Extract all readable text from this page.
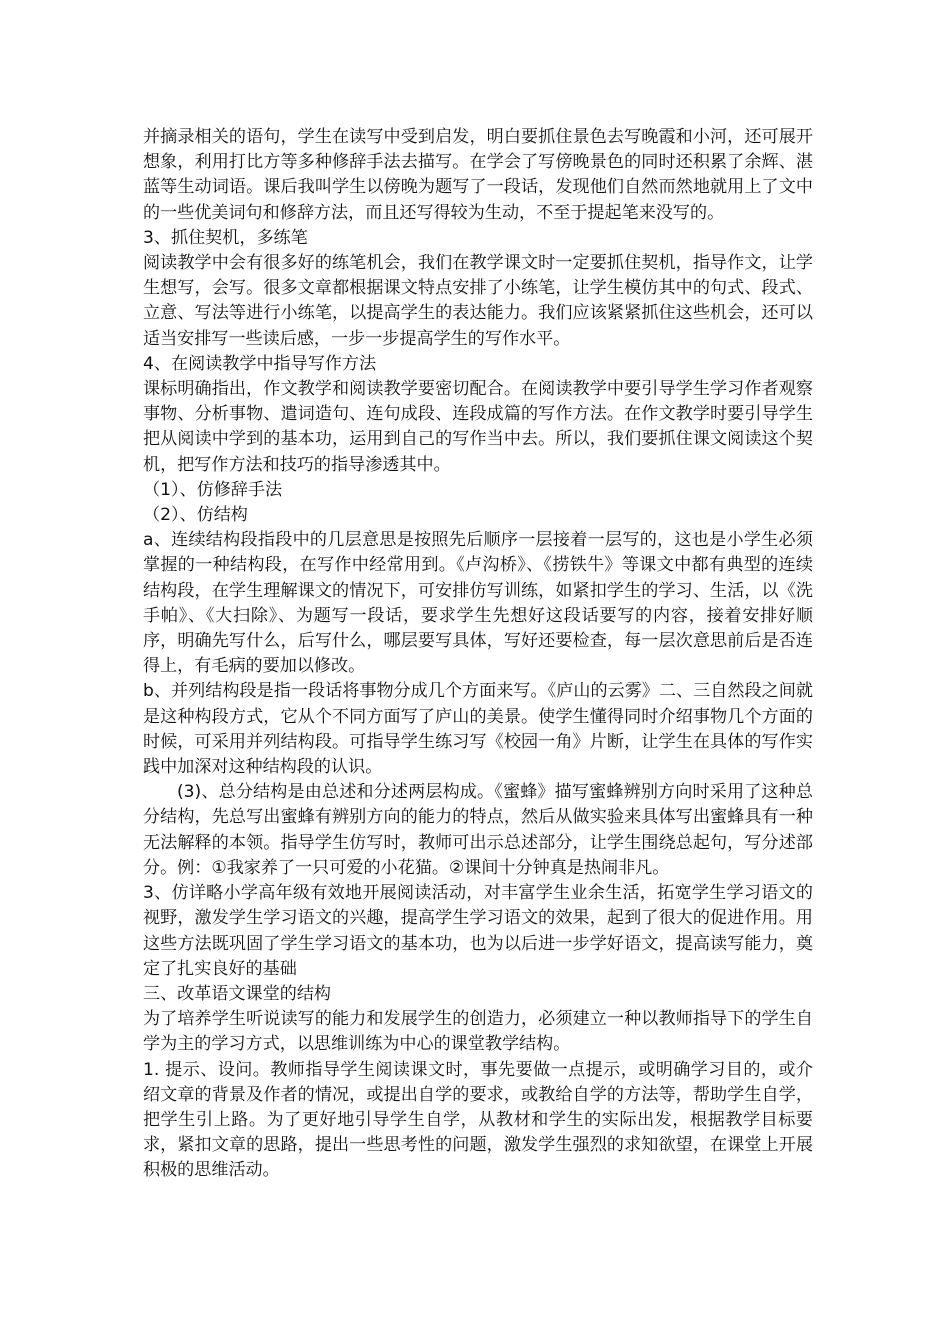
并摘录相关的语句，学生在读写中受到启发，明白要抓住景色去写晚霞和小河，还可展开想象，利用打比方等多种修辞手法去描写。在学会了写傍晚景色的同时还积累了余辉、湛蓝等生动词语。课后我叫学生以傍晚为题写了一段话，发现他们自然而然地就用上了文中的一些优美词句和修辞方法，而且还写得较为生动，不至于提起笔来没写的。

3、抓住契机，多练笔

阅读教学中会有很多好的练笔机会，我们在教学课文时一定要抓住契机，指导作文，让学生想写，会写。很多文章都根据课文特点安排了小练笔，让学生模仿其中的句式、段式、立意、写法等进行小练笔，以提高学生的表达能力。我们应该紧紧抓住这些机会，还可以适当安排写一些读后感，一步一步提高学生的写作水平。

4、在阅读教学中指导写作方法

课标明确指出，作文教学和阅读教学要密切配合。在阅读教学中要引导学生学习作者观察事物、分析事物、遣词造句、连句成段、连段成篇的写作方法。在作文教学时要引导学生把从阅读中学到的基本功，运用到自己的写作当中去。所以，我们要抓住课文阅读这个契机，把写作方法和技巧的指导渗透其中。

（1）、仿修辞手法

（2）、仿结构

a、连续结构段指段中的几层意思是按照先后顺序一层接着一层写的，这也是小学生必须掌握的一种结构段，在写作中经常用到。《卢沟桥》、《捞铁牛》等课文中都有典型的连续结构段，在学生理解课文的情况下，可安排仿写训练，如紧扣学生的学习、生活，以《洗手帕》、《大扫除》、为题写一段话，要求学生先想好这段话要写的内容，接着安排好顺序，明确先写什么，后写什么，哪层要写具体，写好还要检查，每一层次意思前后是否连得上，有毛病的要加以修改。

b、并列结构段是指一段话将事物分成几个方面来写。《庐山的云雾》二、三自然段之间就是这种构段方式，它从个不同方面写了庐山的美景。使学生懂得同时介绍事物几个方面的时候，可采用并列结构段。可指导学生练习写《校园一角》片断，让学生在具体的写作实践中加深对这种结构段的认识。

(3)、总分结构是由总述和分述两层构成。《蜜蜂》描写蜜蜂辨别方向时采用了这种总分结构，先总写出蜜蜂有辨别方向的能力的特点，然后从做实验来具体写出蜜蜂具有一种无法解释的本领。指导学生仿写时，教师可出示总述部分，让学生围绕总起句，写分述部分。例：①我家养了一只可爱的小花猫。②课间十分钟真是热闹非凡。

3、仿详略小学高年级有效地开展阅读活动，对丰富学生业余生活，拓宽学生学习语文的视野，激发学生学习语文的兴趣，提高学生学习语文的效果，起到了很大的促进作用。用这些方法既巩固了学生学习语文的基本功，也为以后进一步学好语文，提高读写能力，奠定了扎实良好的基础

三、改革语文课堂的结构

为了培养学生听说读写的能力和发展学生的创造力，必须建立一种以教师指导下的学生自学为主的学习方式，以思维训练为中心的课堂教学结构。

1. 提示、设问。教师指导学生阅读课文时，事先要做一点提示，或明确学习目的，或介绍文章的背景及作者的情况，或提出自学的要求，或教给自学的方法等，帮助学生自学，把学生引上路。为了更好地引导学生自学，从教材和学生的实际出发，根据教学目标要求，紧扣文章的思路，提出一些思考性的问题，激发学生强烈的求知欲望，在课堂上开展积极的思维活动。
